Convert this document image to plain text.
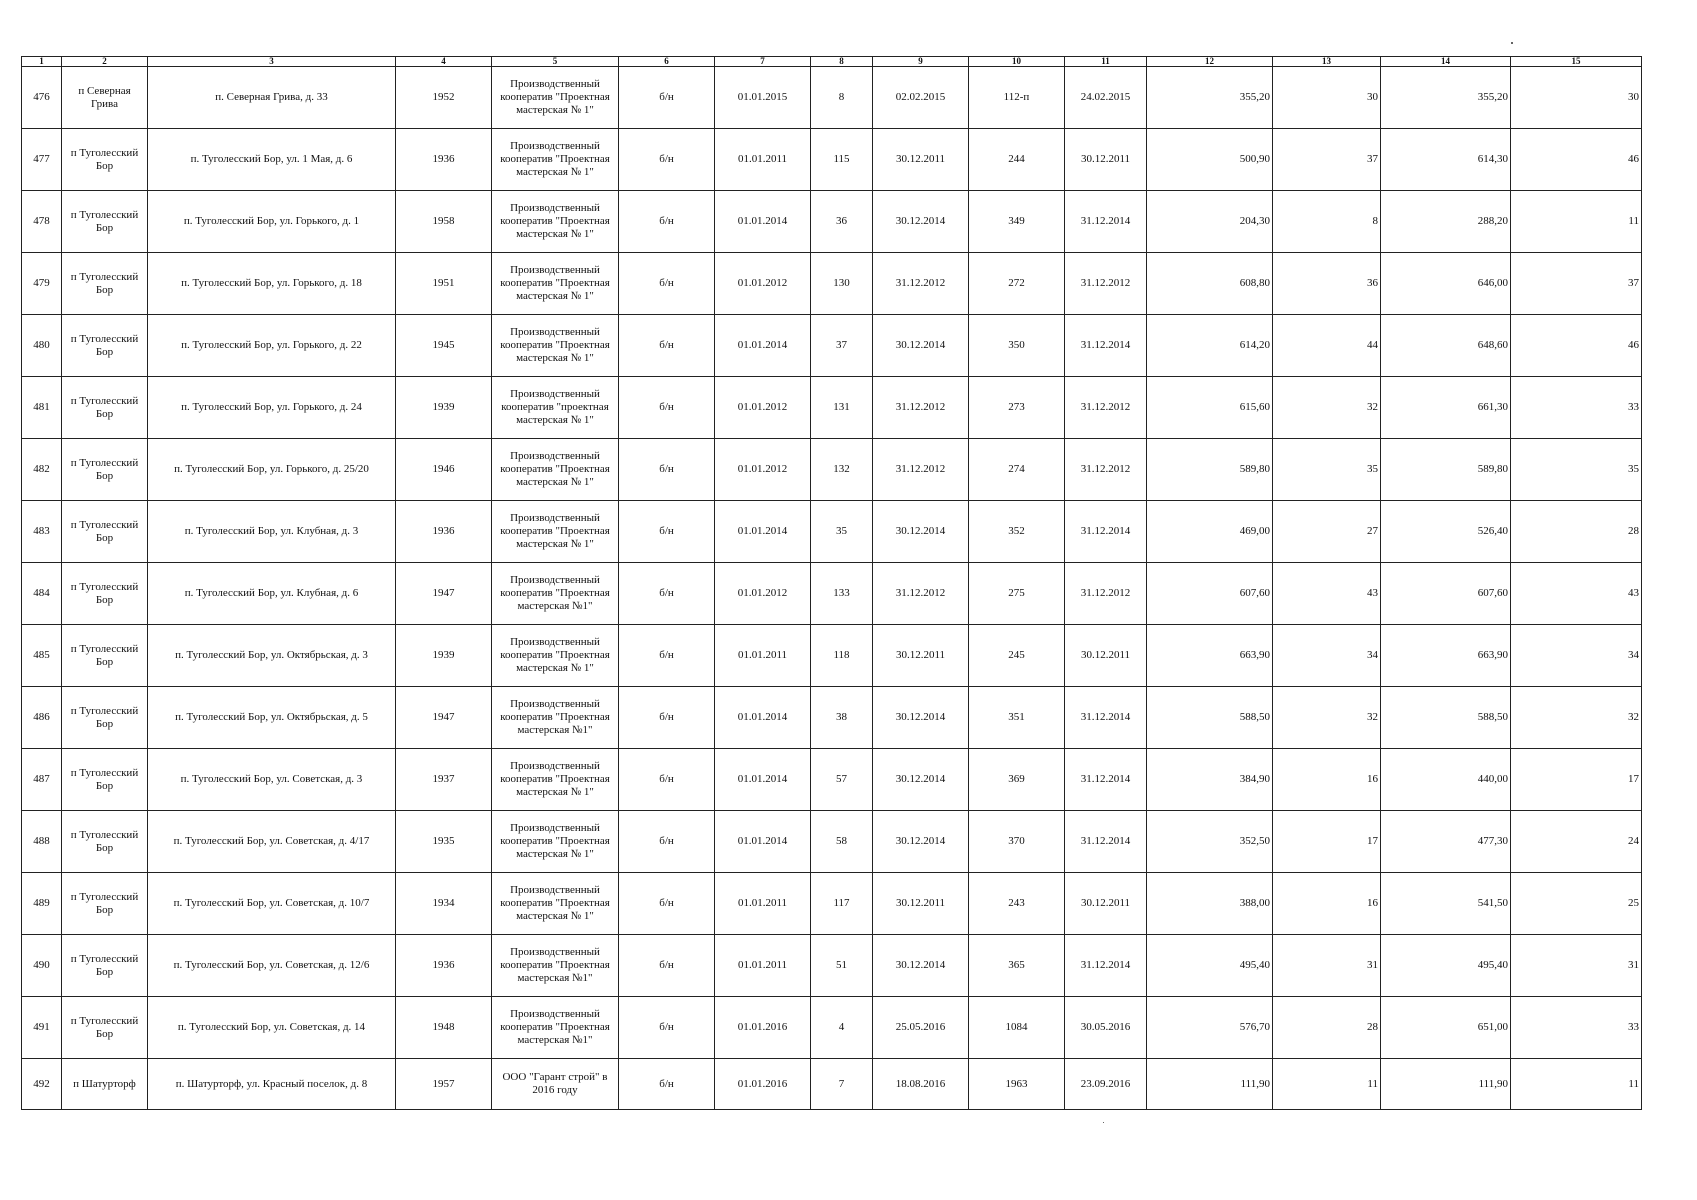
1	2	3	4	5	6	7	8	9	10	11	12	13	14	15
476	п Северная Грива	п. Северная Грива, д. 33	1952	Производственный кооператив "Проектная мастерская № 1"	б/н	01.01.2015	8	02.02.2015	112-п	24.02.2015	355,20	30	355,20	30
477	п Туголесский Бор	п. Туголесский Бор, ул. 1 Мая, д. 6	1936	Производственный кооператив "Проектная мастерская № 1"	б/н	01.01.2011	115	30.12.2011	244	30.12.2011	500,90	37	614,30	46
478	п Туголесский Бор	п. Туголесский Бор, ул. Горького, д. 1	1958	Производственный кооператив "Проектная мастерская № 1"	б/н	01.01.2014	36	30.12.2014	349	31.12.2014	204,30	8	288,20	11
479	п Туголесский Бор	п. Туголесский Бор, ул. Горького, д. 18	1951	Производственный кооператив "Проектная мастерская № 1"	б/н	01.01.2012	130	31.12.2012	272	31.12.2012	608,80	36	646,00	37
480	п Туголесский Бор	п. Туголесский Бор, ул. Горького, д. 22	1945	Производственный кооператив "Проектная мастерская № 1"	б/н	01.01.2014	37	30.12.2014	350	31.12.2014	614,20	44	648,60	46
481	п Туголесский Бор	п. Туголесский Бор, ул. Горького, д. 24	1939	Производственный кооператив "проектная мастерская № 1"	б/н	01.01.2012	131	31.12.2012	273	31.12.2012	615,60	32	661,30	33
482	п Туголесский Бор	п. Туголесский Бор, ул. Горького, д. 25/20	1946	Производственный кооператив "Проектная мастерская № 1"	б/н	01.01.2012	132	31.12.2012	274	31.12.2012	589,80	35	589,80	35
483	п Туголесский Бор	п. Туголесский Бор, ул. Клубная, д. 3	1936	Производственный кооператив "Проектная мастерская № 1"	б/н	01.01.2014	35	30.12.2014	352	31.12.2014	469,00	27	526,40	28
484	п Туголесский Бор	п. Туголесский Бор, ул. Клубная, д. 6	1947	Производственный кооператив "Проектная мастерская №1"	б/н	01.01.2012	133	31.12.2012	275	31.12.2012	607,60	43	607,60	43
485	п Туголесский Бор	п. Туголесский Бор, ул. Октябрьская, д. 3	1939	Производственный кооператив "Проектная мастерская № 1"	б/н	01.01.2011	118	30.12.2011	245	30.12.2011	663,90	34	663,90	34
486	п Туголесский Бор	п. Туголесский Бор, ул. Октябрьская, д. 5	1947	Производственный кооператив "Проектная мастерская №1"	б/н	01.01.2014	38	30.12.2014	351	31.12.2014	588,50	32	588,50	32
487	п Туголесский Бор	п. Туголесский Бор, ул. Советская, д. 3	1937	Производственный кооператив "Проектная мастерская № 1"	б/н	01.01.2014	57	30.12.2014	369	31.12.2014	384,90	16	440,00	17
488	п Туголесский Бор	п. Туголесский Бор, ул. Советская, д. 4/17	1935	Производственный кооператив "Проектная мастерская № 1"	б/н	01.01.2014	58	30.12.2014	370	31.12.2014	352,50	17	477,30	24
489	п Туголесский Бор	п. Туголесский Бор, ул. Советская, д. 10/7	1934	Производственный кооператив "Проектная мастерская № 1"	б/н	01.01.2011	117	30.12.2011	243	30.12.2011	388,00	16	541,50	25
490	п Туголесский Бор	п. Туголесский Бор, ул. Советская, д. 12/6	1936	Производственный кооператив "Проектная мастерская №1"	б/н	01.01.2011	51	30.12.2014	365	31.12.2014	495,40	31	495,40	31
491	п Туголесский Бор	п. Туголесский Бор, ул. Советская, д. 14	1948	Производственный кооператив "Проектная мастерская №1"	б/н	01.01.2016	4	25.05.2016	1084	30.05.2016	576,70	28	651,00	33
492	п Шатурторф	п. Шатурторф, ул. Красный поселок, д. 8	1957	ООО "Гарант строй" в 2016 году	б/н	01.01.2016	7	18.08.2016	1963	23.09.2016	111,90	11	111,90	11
